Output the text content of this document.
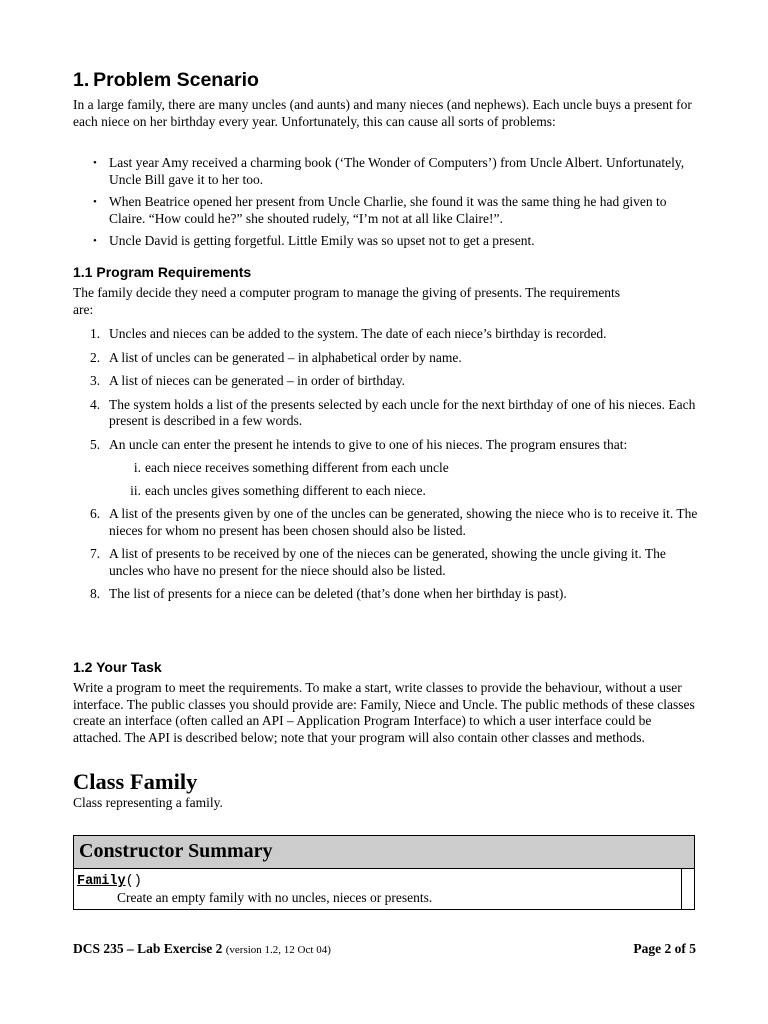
1. Problem Scenario
In a large family, there are many uncles (and aunts) and many nieces (and nephews). Each uncle buys a present for each niece on her birthday every year. Unfortunately, this can cause all sorts of problems:
• Last year Amy received a charming book (‘The Wonder of Computers’) from Uncle Albert. Unfortunately, Uncle Bill gave it to her too.
• When Beatrice opened her present from Uncle Charlie, she found it was the same thing he had given to Claire. “How could he?” she shouted rudely, “I’m not at all like Claire!”.
• Uncle David is getting forgetful. Little Emily was so upset not to get a present.
1.1 Program Requirements
The family decide they need a computer program to manage the giving of presents. The requirements are:
1. Uncles and nieces can be added to the system. The date of each niece’s birthday is recorded.
2. A list of uncles can be generated – in alphabetical order by name.
3. A list of nieces can be generated – in order of birthday.
4. The system holds a list of the presents selected by each uncle for the next birthday of one of his nieces. Each present is described in a few words.
5. An uncle can enter the present he intends to give to one of his nieces. The program ensures that:
i. each niece receives something different from each uncle
ii. each uncles gives something different to each niece.
6. A list of the presents given by one of the uncles can be generated, showing the niece who is to receive it. The nieces for whom no present has been chosen should also be listed.
7. A list of presents to be received by one of the nieces can be generated, showing the uncle giving it. The uncles who have no present for the niece should also be listed.
8. The list of presents for a niece can be deleted (that’s done when her birthday is past).
1.2 Your Task
Write a program to meet the requirements. To make a start, write classes to provide the behaviour, without a user interface. The public classes you should provide are: Family, Niece and Uncle. The public methods of these classes create an interface (often called an API – Application Program Interface) to which a user interface could be attached. The API is described below; note that your program will also contain other classes and methods.
Class Family
Class representing a family.
Constructor Summary
Family()
Create an empty family with no uncles, nieces or presents.

DCS 235 – Lab Exercise 2 (version 1.2, 12 Oct 04)	Page 2 of 5
